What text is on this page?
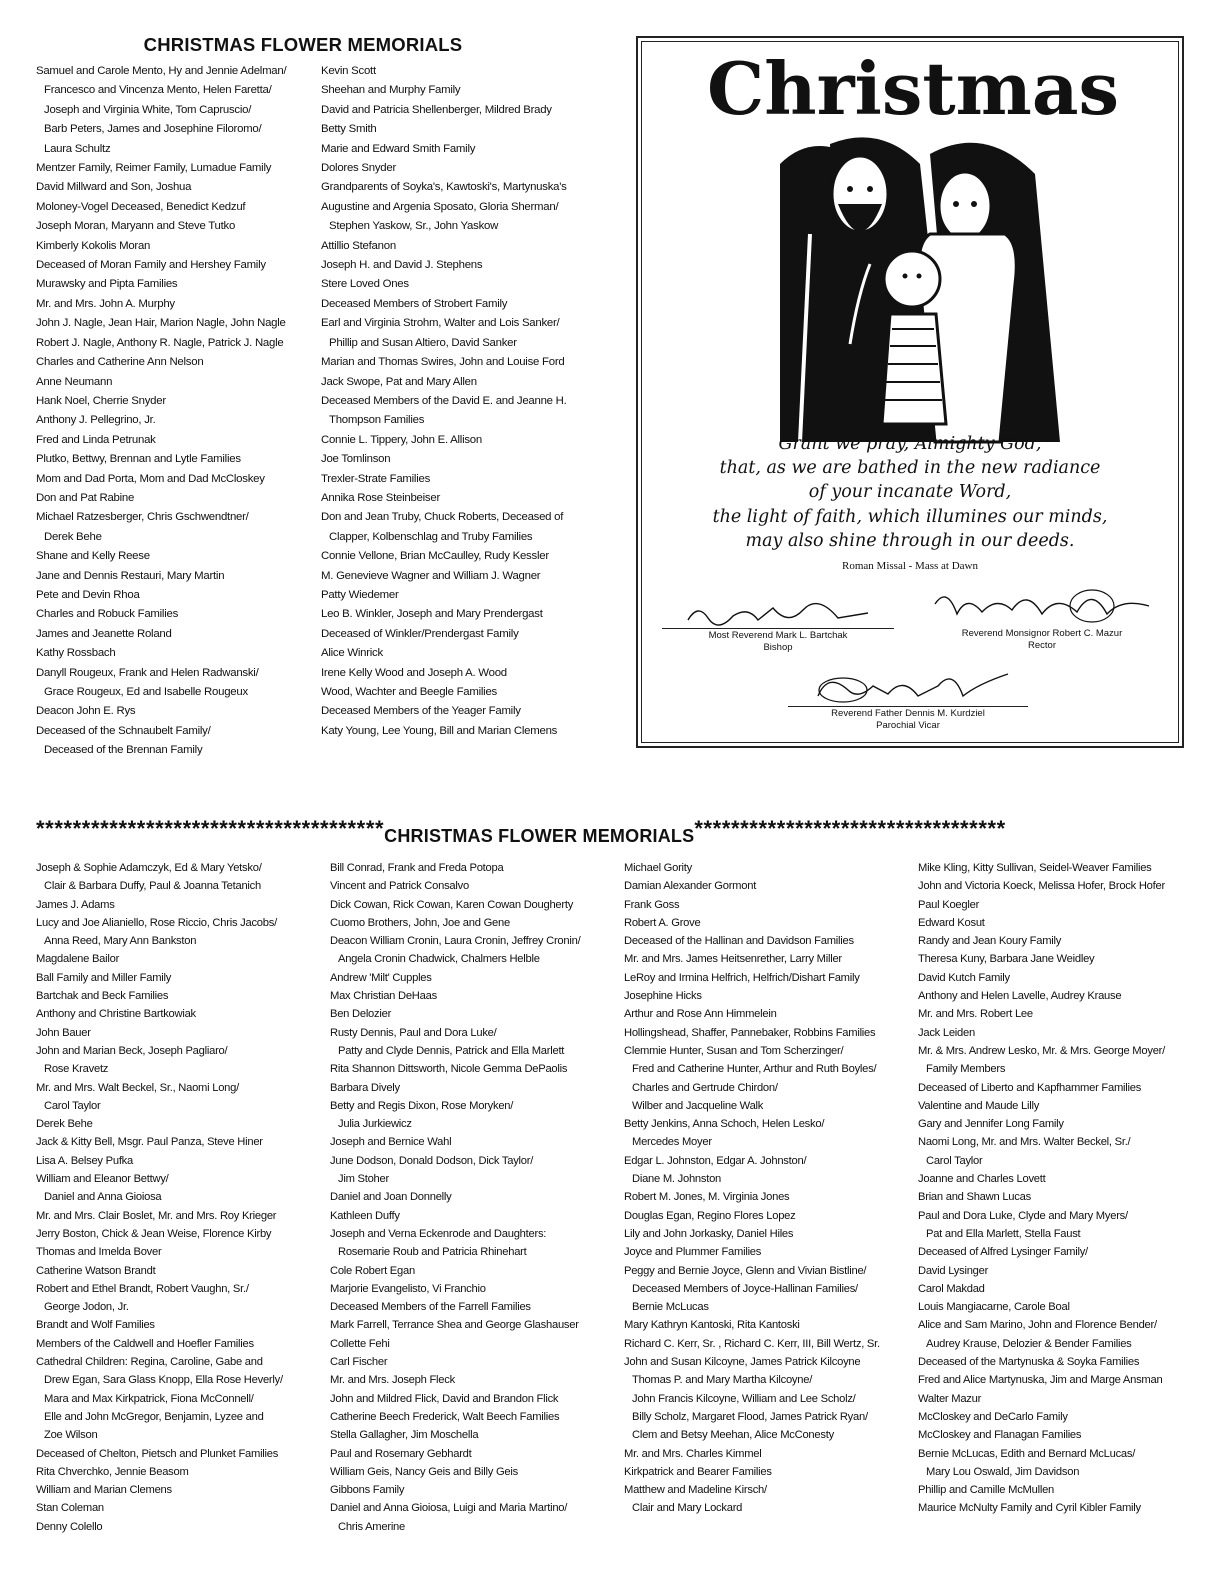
CHRISTMAS FLOWER MEMORIALS
Samuel and Carole Mento, Hy and Jennie Adelman/
Francesco and Vincenza Mento, Helen Faretta/
Joseph and Virginia White, Tom Capruscio/
Barb Peters, James and Josephine Filoromo/
Laura Schultz
Mentzer Family, Reimer Family, Lumadue Family
David Millward and Son, Joshua
Moloney-Vogel Deceased, Benedict Kedzuf
Joseph Moran, Maryann and Steve Tutko
Kimberly Kokolis Moran
Deceased of Moran Family and Hershey Family
Murawsky and Pipta Families
Mr. and Mrs. John A. Murphy
John J. Nagle, Jean Hair, Marion Nagle, John Nagle
Robert J. Nagle, Anthony R. Nagle, Patrick J. Nagle
Charles and Catherine Ann Nelson
Anne Neumann
Hank Noel, Cherrie Snyder
Anthony J. Pellegrino, Jr.
Fred and Linda Petrunak
Plutko, Bettwy, Brennan and Lytle Families
Mom and Dad Porta, Mom and Dad McCloskey
Don and Pat Rabine
Michael Ratzesberger, Chris Gschwendtner/
Derek Behe
Shane and Kelly Reese
Jane and Dennis Restauri, Mary Martin
Pete and Devin Rhoa
Charles and Robuck Families
James and Jeanette Roland
Kathy Rossbach
Danyll Rougeux, Frank and Helen Radwanski/
Grace Rougeux, Ed and Isabelle Rougeux
Deacon John E. Rys
Deceased of the Schnaubelt Family/
Deceased of the Brennan Family
Kevin Scott
Sheehan and Murphy Family
David and Patricia Shellenberger, Mildred Brady
Betty Smith
Marie and Edward Smith Family
Dolores Snyder
Grandparents of Soyka's, Kawtoski's, Martynuska's
Augustine and Argenia Sposato, Gloria Sherman/
Stephen Yaskow, Sr., John Yaskow
Attillio Stefanon
Joseph H. and David J. Stephens
Stere Loved Ones
Deceased Members of Strobert Family
Earl and Virginia Strohm, Walter and Lois Sanker/
Phillip and Susan Altiero, David Sanker
Marian and Thomas Swires, John and Louise Ford
Jack Swope, Pat and Mary Allen
Deceased Members of the David E. and Jeanne H.
Thompson Families
Connie L. Tippery, John E. Allison
Joe Tomlinson
Trexler-Strate Families
Annika Rose Steinbeiser
Don and Jean Truby, Chuck Roberts, Deceased of
Clapper, Kolbenschlag and Truby Families
Connie Vellone, Brian McCaulley, Rudy Kessler
M. Genevieve Wagner and William J. Wagner
Patty Wiedemer
Leo B. Winkler, Joseph and Mary Prendergast
Deceased of Winkler/Prendergast Family
Alice Winrick
Irene Kelly Wood and Joseph A. Wood
Wood, Wachter and Beegle Families
Deceased Members of the Yeager Family
Katy Young, Lee Young, Bill and Marian Clemens
Christmas
Grant we pray, Almighty God,
that, as we are bathed in the new radiance
of your incanate Word,
the light of faith, which illumines our minds,
may also shine through in our deeds.
Roman Missal - Mass at Dawn
Most Reverend Mark L. Bartchak
Bishop
Reverend Monsignor Robert C. Mazur
Rector
Reverend Father Dennis M. Kurdziel
Parochial Vicar
**************************************CHRISTMAS FLOWER MEMORIALS**********************************
Joseph & Sophie Adamczyk, Ed & Mary Yetsko/
Clair & Barbara Duffy, Paul & Joanna Tetanich
James J. Adams
Lucy and Joe Alianiello, Rose Riccio, Chris Jacobs/
Anna Reed, Mary Ann Bankston
Magdalene Bailor
Ball Family and Miller Family
Bartchak and Beck Families
Anthony and Christine Bartkowiak
John Bauer
John and Marian Beck, Joseph Pagliaro/
Rose Kravetz
Mr. and Mrs. Walt Beckel, Sr., Naomi Long/
Carol Taylor
Derek Behe
Jack & Kitty Bell, Msgr. Paul Panza, Steve Hiner
Lisa A. Belsey Pufka
William and Eleanor Bettwy/
Daniel and Anna Gioiosa
Mr. and Mrs. Clair Boslet, Mr. and Mrs. Roy Krieger
Jerry Boston, Chick & Jean Weise, Florence Kirby
Thomas and Imelda Bover
Catherine Watson Brandt
Robert and Ethel Brandt, Robert Vaughn, Sr./
George Jodon, Jr.
Brandt and Wolf Families
Members of the Caldwell and Hoefler Families
Cathedral Children: Regina, Caroline, Gabe and
Drew Egan, Sara Glass Knopp, Ella Rose Heverly/
Mara and Max Kirkpatrick, Fiona McConnell/
Elle and John McGregor, Benjamin, Lyzee and
Zoe Wilson
Deceased of Chelton, Pietsch and Plunket Families
Rita Chverchko, Jennie Beasom
William and Marian Clemens
Stan Coleman
Denny Colello
Bill Conrad, Frank and Freda Potopa
Vincent and Patrick Consalvo
Dick Cowan, Rick Cowan, Karen Cowan Dougherty
Cuomo Brothers, John, Joe and Gene
Deacon William Cronin, Laura Cronin, Jeffrey Cronin/
Angela Cronin Chadwick, Chalmers Helble
Andrew 'Milt' Cupples
Max Christian DeHaas
Ben Delozier
Rusty Dennis, Paul and Dora Luke/
Patty and Clyde Dennis, Patrick and Ella Marlett
Rita Shannon Dittsworth, Nicole Gemma DePaolis
Barbara Dively
Betty and Regis Dixon, Rose Moryken/
Julia Jurkiewicz
Joseph and Bernice Wahl
June Dodson, Donald Dodson, Dick Taylor/
Jim Stoher
Daniel and Joan Donnelly
Kathleen Duffy
Joseph and Verna Eckenrode and Daughters:
Rosemarie Roub and Patricia Rhinehart
Cole Robert Egan
Marjorie Evangelisto, Vi Franchio
Deceased Members of the Farrell Families
Mark Farrell, Terrance Shea and George Glashauser
Collette Fehi
Carl Fischer
Mr. and Mrs. Joseph Fleck
John and Mildred Flick, David and Brandon Flick
Catherine Beech Frederick, Walt Beech Families
Stella Gallagher, Jim Moschella
Paul and Rosemary Gebhardt
William Geis, Nancy Geis and Billy Geis
Gibbons Family
Daniel and Anna Gioiosa, Luigi and Maria Martino/
Chris Amerine
Michael Gority
Damian Alexander Gormont
Frank Goss
Robert A. Grove
Deceased of the Hallinan and Davidson Families
Mr. and Mrs. James Heitsenrether, Larry Miller
LeRoy and Irmina Helfrich, Helfrich/Dishart Family
Josephine Hicks
Arthur and Rose Ann Himmelein
Hollingshead, Shaffer, Pannebaker, Robbins Families
Clemmie Hunter, Susan and Tom Scherzinger/
Fred and Catherine Hunter, Arthur and Ruth Boyles/
Charles and Gertrude Chirdon/
Wilber and Jacqueline Walk
Betty Jenkins, Anna Schoch, Helen Lesko/
Mercedes Moyer
Edgar L. Johnston, Edgar A. Johnston/
Diane M. Johnston
Robert M. Jones, M. Virginia Jones
Douglas Egan, Regino Flores Lopez
Lily and John Jorkasky, Daniel Hiles
Joyce and Plummer Families
Peggy and Bernie Joyce, Glenn and Vivian Bistline/
Deceased Members of Joyce-Hallinan Families/
Bernie McLucas
Mary Kathryn Kantoski, Rita Kantoski
Richard C. Kerr, Sr. , Richard C. Kerr, III, Bill Wertz, Sr.
John and Susan Kilcoyne, James Patrick Kilcoyne
Thomas P. and Mary Martha Kilcoyne/
John Francis Kilcoyne, William and Lee Scholz/
Billy Scholz, Margaret Flood, James Patrick Ryan/
Clem and Betsy Meehan, Alice McConesty
Mr. and Mrs. Charles Kimmel
Kirkpatrick and Bearer Families
Matthew and Madeline Kirsch/
Clair and Mary Lockard
Mike Kling, Kitty Sullivan, Seidel-Weaver Families
John and Victoria Koeck, Melissa Hofer, Brock Hofer
Paul Koegler
Edward Kosut
Randy and Jean Koury Family
Theresa Kuny, Barbara Jane Weidley
David Kutch Family
Anthony and Helen Lavelle, Audrey Krause
Mr. and Mrs. Robert Lee
Jack Leiden
Mr. & Mrs. Andrew Lesko, Mr. & Mrs. George Moyer/
Family Members
Deceased of Liberto and Kapfhammer Families
Valentine and Maude Lilly
Gary and Jennifer Long Family
Naomi Long, Mr. and Mrs. Walter Beckel, Sr./
Carol Taylor
Joanne and Charles Lovett
Brian and Shawn Lucas
Paul and Dora Luke, Clyde and Mary Myers/
Pat and Ella Marlett, Stella Faust
Deceased of Alfred Lysinger Family/
David Lysinger
Carol Makdad
Louis Mangiacarne, Carole Boal
Alice and Sam Marino, John and Florence Bender/
Audrey Krause, Delozier & Bender Families
Deceased of the Martynuska & Soyka Families
Fred and Alice Martynuska, Jim and Marge Ansman
Walter Mazur
McCloskey and DeCarlo Family
McCloskey and Flanagan Families
Bernie McLucas, Edith and Bernard McLucas/
Mary Lou Oswald, Jim Davidson
Phillip and Camille McMullen
Maurice McNulty Family and Cyril Kibler Family
